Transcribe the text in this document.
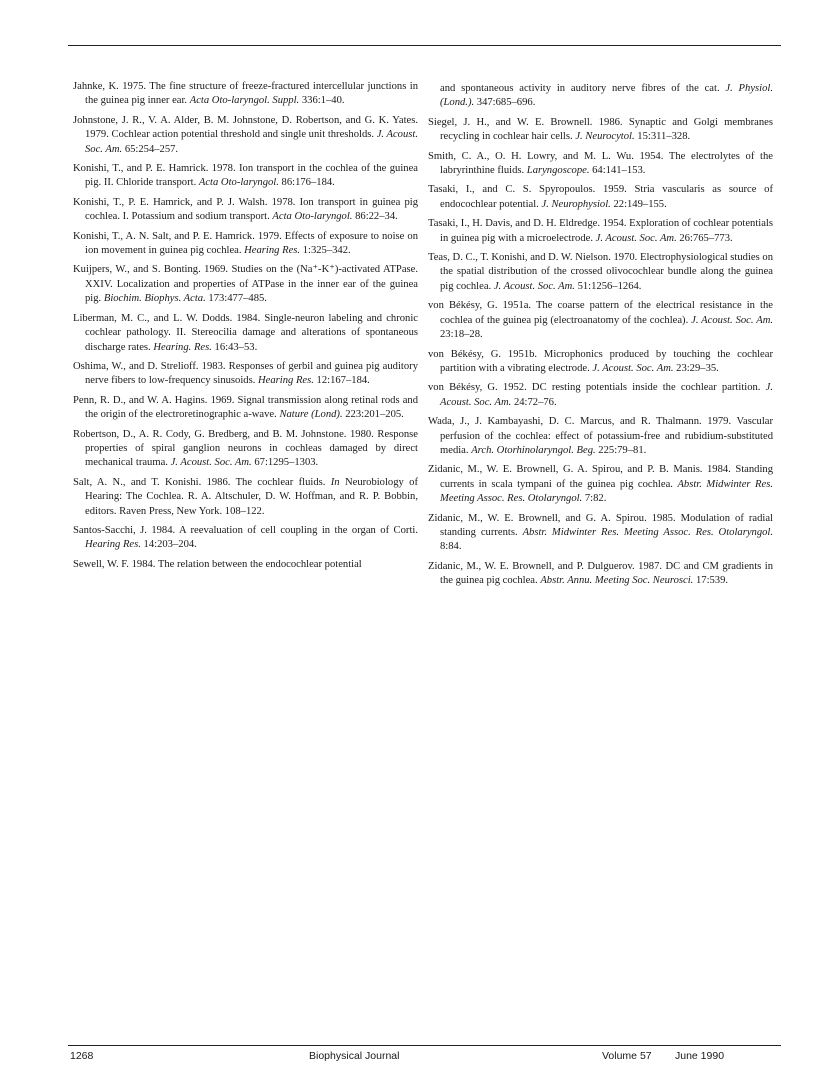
Jahnke, K. 1975. The fine structure of freeze-fractured intercellular junctions in the guinea pig inner ear. Acta Oto-laryngol. Suppl. 336:1–40.

Johnstone, J. R., V. A. Alder, B. M. Johnstone, D. Robertson, and G. K. Yates. 1979. Cochlear action potential threshold and single unit thresholds. J. Acoust. Soc. Am. 65:254–257.

Konishi, T., and P. E. Hamrick. 1978. Ion transport in the cochlea of the guinea pig. II. Chloride transport. Acta Oto-laryngol. 86:176–184.

Konishi, T., P. E. Hamrick, and P. J. Walsh. 1978. Ion transport in guinea pig cochlea. I. Potassium and sodium transport. Acta Oto-laryngol. 86:22–34.

Konishi, T., A. N. Salt, and P. E. Hamrick. 1979. Effects of exposure to noise on ion movement in guinea pig cochlea. Hearing Res. 1:325–342.

Kuijpers, W., and S. Bonting. 1969. Studies on the (Na⁺-K⁺)-activated ATPase. XXIV. Localization and properties of ATPase in the inner ear of the guinea pig. Biochim. Biophys. Acta. 173:477–485.

Liberman, M. C., and L. W. Dodds. 1984. Single-neuron labeling and chronic cochlear pathology. II. Stereocilia damage and alterations of spontaneous discharge rates. Hearing. Res. 16:43–53.

Oshima, W., and D. Strelioff. 1983. Responses of gerbil and guinea pig auditory nerve fibers to low-frequency sinusoids. Hearing Res. 12:167–184.

Penn, R. D., and W. A. Hagins. 1969. Signal transmission along retinal rods and the origin of the electroretinographic a-wave. Nature (Lond). 223:201–205.

Robertson, D., A. R. Cody, G. Bredberg, and B. M. Johnstone. 1980. Response properties of spiral ganglion neurons in cochleas damaged by direct mechanical trauma. J. Acoust. Soc. Am. 67:1295–1303.

Salt, A. N., and T. Konishi. 1986. The cochlear fluids. In Neurobiology of Hearing: The Cochlea. R. A. Altschuler, D. W. Hoffman, and R. P. Bobbin, editors. Raven Press, New York. 108–122.

Santos-Sacchi, J. 1984. A reevaluation of cell coupling in the organ of Corti. Hearing Res. 14:203–204.

Sewell, W. F. 1984. The relation between the endocochlear potential

and spontaneous activity in auditory nerve fibres of the cat. J. Physiol. (Lond.). 347:685–696.

Siegel, J. H., and W. E. Brownell. 1986. Synaptic and Golgi membranes recycling in cochlear hair cells. J. Neurocytol. 15:311–328.

Smith, C. A., O. H. Lowry, and M. L. Wu. 1954. The electrolytes of the labryrinthine fluids. Laryngoscope. 64:141–153.

Tasaki, I., and C. S. Spyropoulos. 1959. Stria vascularis as source of endocochlear potential. J. Neurophysiol. 22:149–155.

Tasaki, I., H. Davis, and D. H. Eldredge. 1954. Exploration of cochlear potentials in guinea pig with a microelectrode. J. Acoust. Soc. Am. 26:765–773.

Teas, D. C., T. Konishi, and D. W. Nielson. 1970. Electrophysiological studies on the spatial distribution of the crossed olivocochlear bundle along the guinea pig cochlea. J. Acoust. Soc. Am. 51:1256–1264.

von Békésy, G. 1951a. The coarse pattern of the electrical resistance in the cochlea of the guinea pig (electroanatomy of the cochlea). J. Acoust. Soc. Am. 23:18–28.

von Békésy, G. 1951b. Microphonics produced by touching the cochlear partition with a vibrating electrode. J. Acoust. Soc. Am. 23:29–35.

von Békésy, G. 1952. DC resting potentials inside the cochlear partition. J. Acoust. Soc. Am. 24:72–76.

Wada, J., J. Kambayashi, D. C. Marcus, and R. Thalmann. 1979. Vascular perfusion of the cochlea: effect of potassium-free and rubidium-substituted media. Arch. Otorhinolaryngol. Beg. 225:79–81.

Zidanic, M., W. E. Brownell, G. A. Spirou, and P. B. Manis. 1984. Standing currents in scala tympani of the guinea pig cochlea. Abstr. Midwinter Res. Meeting Assoc. Res. Otolaryngol. 7:82.

Zidanic, M., W. E. Brownell, and G. A. Spirou. 1985. Modulation of radial standing currents. Abstr. Midwinter Res. Meeting Assoc. Res. Otolaryngol. 8:84.

Zidanic, M., W. E. Brownell, and P. Dulguerov. 1987. DC and CM gradients in the guinea pig cochlea. Abstr. Annu. Meeting Soc. Neurosci. 17:539.

1268	Biophysical Journal	Volume 57 June 1990
